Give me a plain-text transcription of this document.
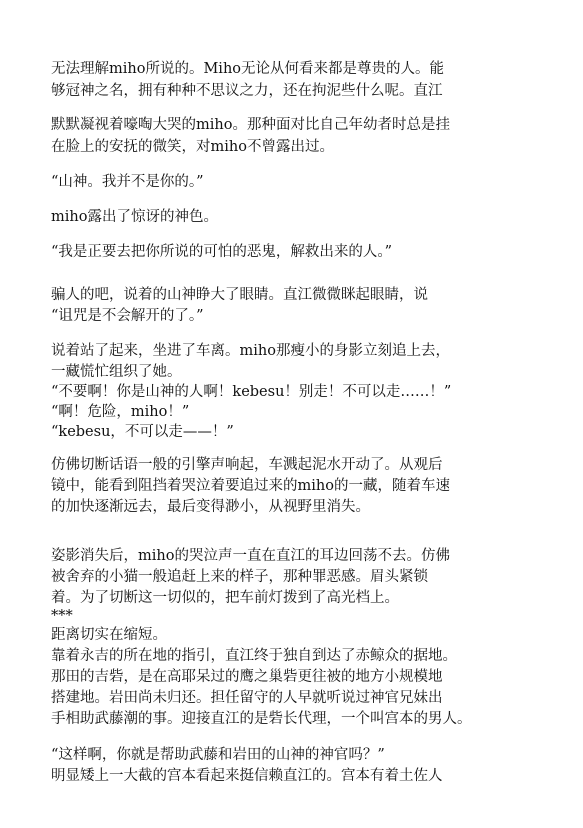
无法理解miho所说的。Miho无论从何看来都是尊贵的人。能
够冠神之名，拥有种种不思议之力，还在拘泥些什么呢。直江
默默凝视着嚎啕大哭的miho。那种面对比自己年幼者时总是挂
在脸上的安抚的微笑，对miho不曾露出过。
“山神。我并不是你的。”
miho露出了惊讶的神色。
“我是正要去把你所说的可怕的恶鬼，解救出来的人。”
骗人的吧，说着的山神睁大了眼睛。直江微微眯起眼睛，说
“诅咒是不会解开的了。”
说着站了起来，坐进了车离。miho那瘦小的身影立刻追上去，
一藏慌忙组织了她。
“不要啊！你是山神的人啊！kebesu！别走！不可以走……！”
“啊！危险，miho！”
“kebesu，不可以走——！”
仿佛切断话语一般的引擎声响起，车溅起泥水开动了。从观后
镜中，能看到阻挡着哭泣着要追过来的miho的一藏，随着车速
的加快逐渐远去，最后变得渺小，从视野里消失。
姿影消失后，miho的哭泣声一直在直江的耳边回荡不去。仿佛
被舍弃的小猫一般追赶上来的样子，那种罪恶感。眉头紧锁
着。为了切断这一切似的，把车前灯拨到了高光档上。
***
距离切实在缩短。
靠着永吉的所在地的指引，直江终于独自到达了赤鲸众的据地。
那田的吉砦，是在高耶呆过的鹰之巢砦更往被的地方小规模地
搭建地。岩田尚未归还。担任留守的人早就听说过神官兄妹出
手相助武藤潮的事。迎接直江的是砦长代理，一个叫宫本的男人。
“这样啊，你就是帮助武藤和岩田的山神的神官吗？”
明显矮上一大截的宫本看起来挺信赖直江的。宫本有着土佐人
